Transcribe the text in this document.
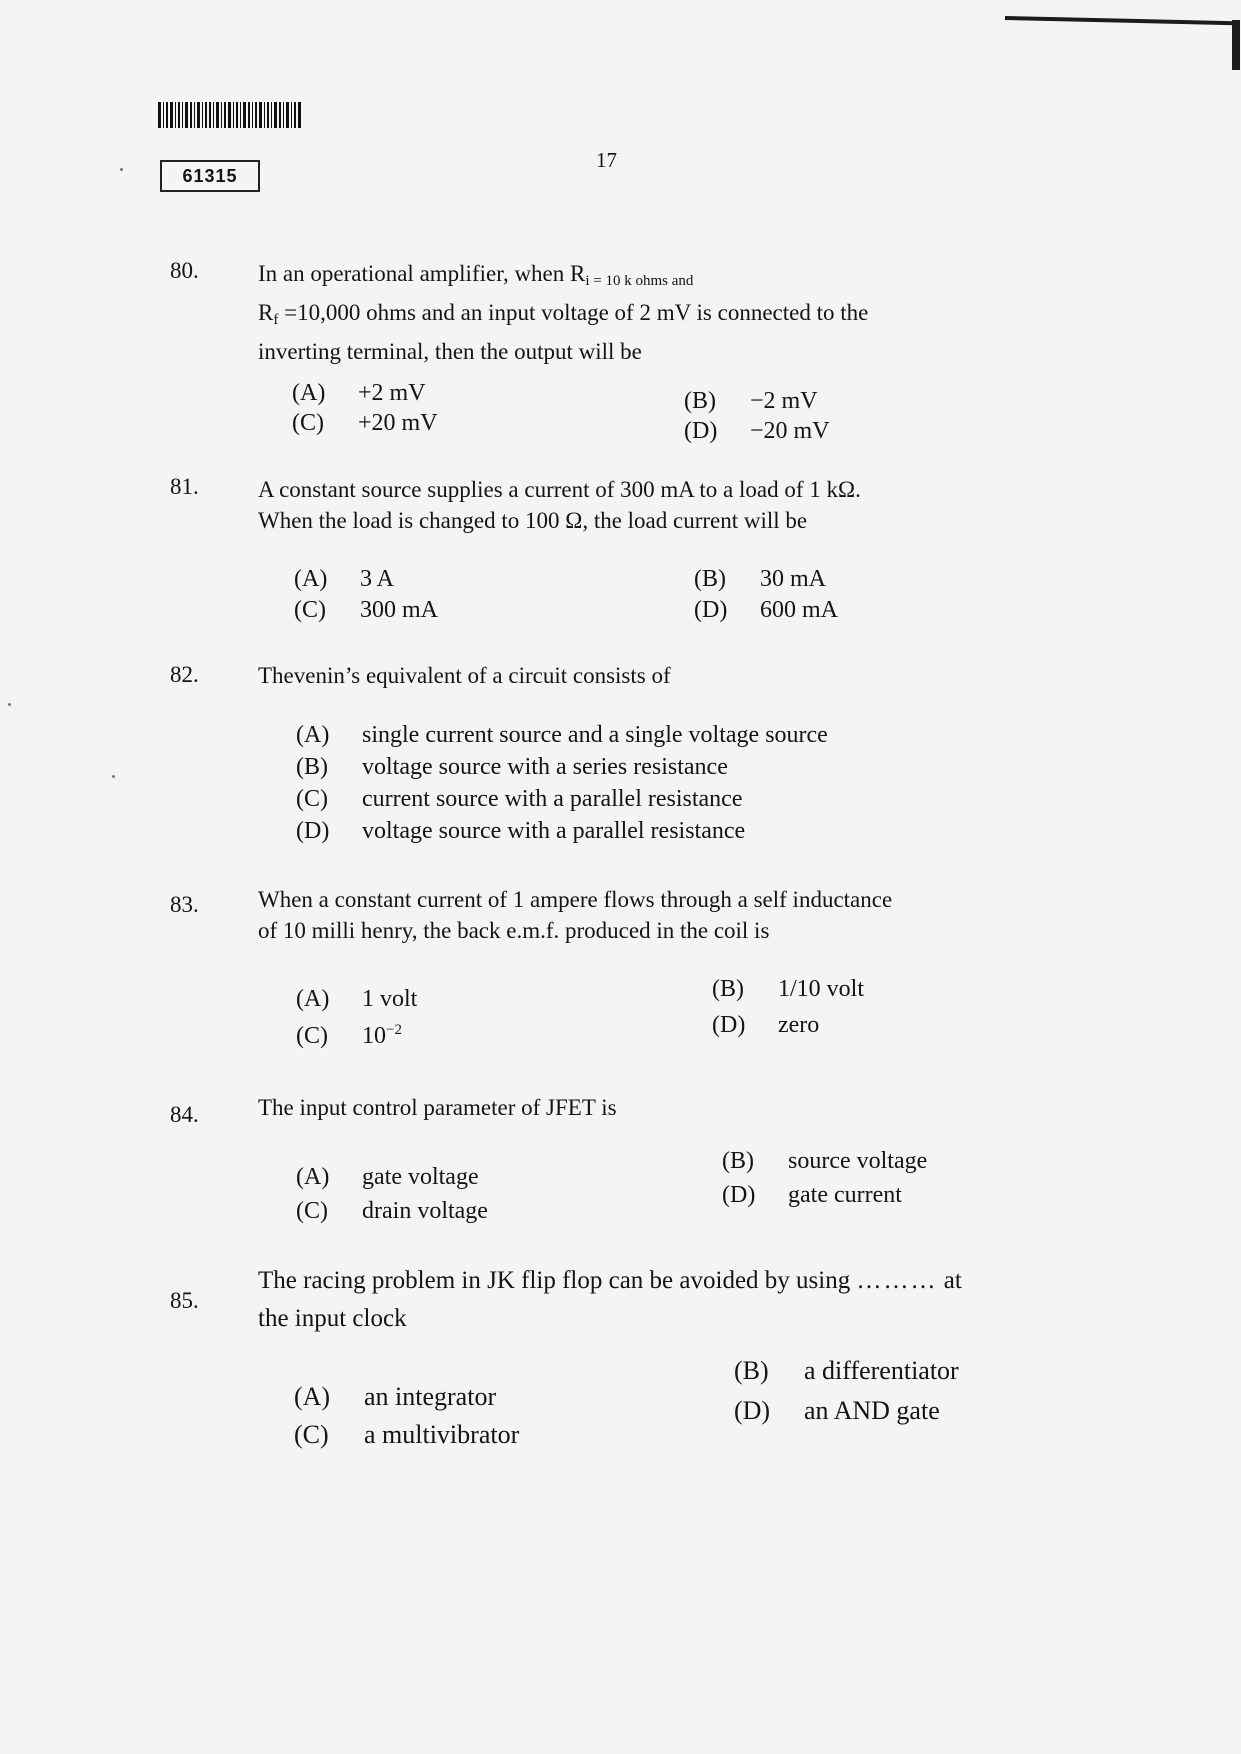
61315
17
80.	In an operational amplifier, when $R_{i = 10 k ohms and}$
$R_f =10,000$ ohms and an input voltage of 2 mV is connected to the
inverting terminal, then the output will be
(A) +2 mV	(B) −2 mV
(C) +20 mV	(D) −20 mV
81.	A constant source supplies a current of 300 mA to a load of 1 kΩ.
When the load is changed to 100 Ω, the load current will be
(A) 3 A	(B) 30 mA
(C) 300 mA	(D) 600 mA
82.	Thevenin’s equivalent of a circuit consists of
(A) single current source and a single voltage source
(B) voltage source with a series resistance
(C) current source with a parallel resistance
(D) voltage source with a parallel resistance
83.	When a constant current of 1 ampere flows through a self inductance
of 10 milli henry, the back e.m.f. produced in the coil is
(A) 1 volt	(B) 1/10 volt
(C) $10^{-2}$	(D) zero
84.	The input control parameter of JFET is
(A) gate voltage
(B) source voltage
(C) drain voltage
(D) gate current
85.
The racing problem in JK flip flop can be avoided by using ……… at
the input clock
(A) an integrator
(B) a differentiator
(C) a multivibrator
(D) an AND gate
